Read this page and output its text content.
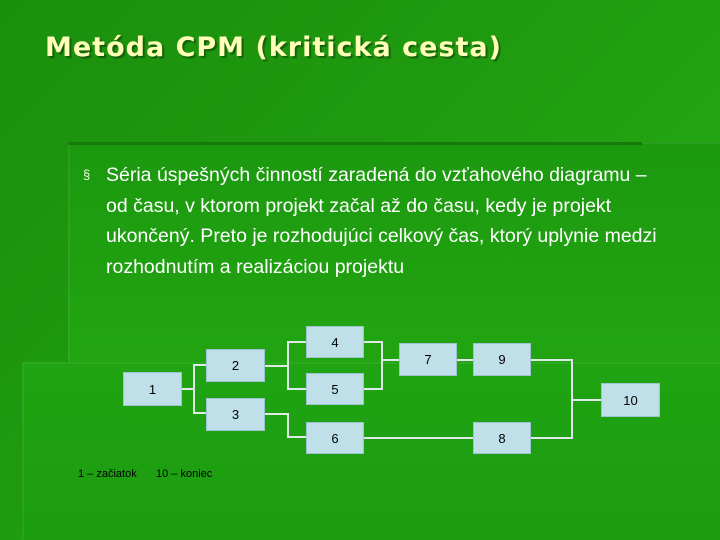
Metóda CPM (kritická cesta)
§ Séria úspešných činností zaradená do vzťahového diagramu – od času, v ktorom projekt začal až do času, kedy je projekt ukončený. Preto je rozhodujúci celkový čas, ktorý uplynie medzi rozhodnutím a realizáciou projektu
1
2
3
4
5
6
7	9
8
10
1 – začiatok 10 – koniec
